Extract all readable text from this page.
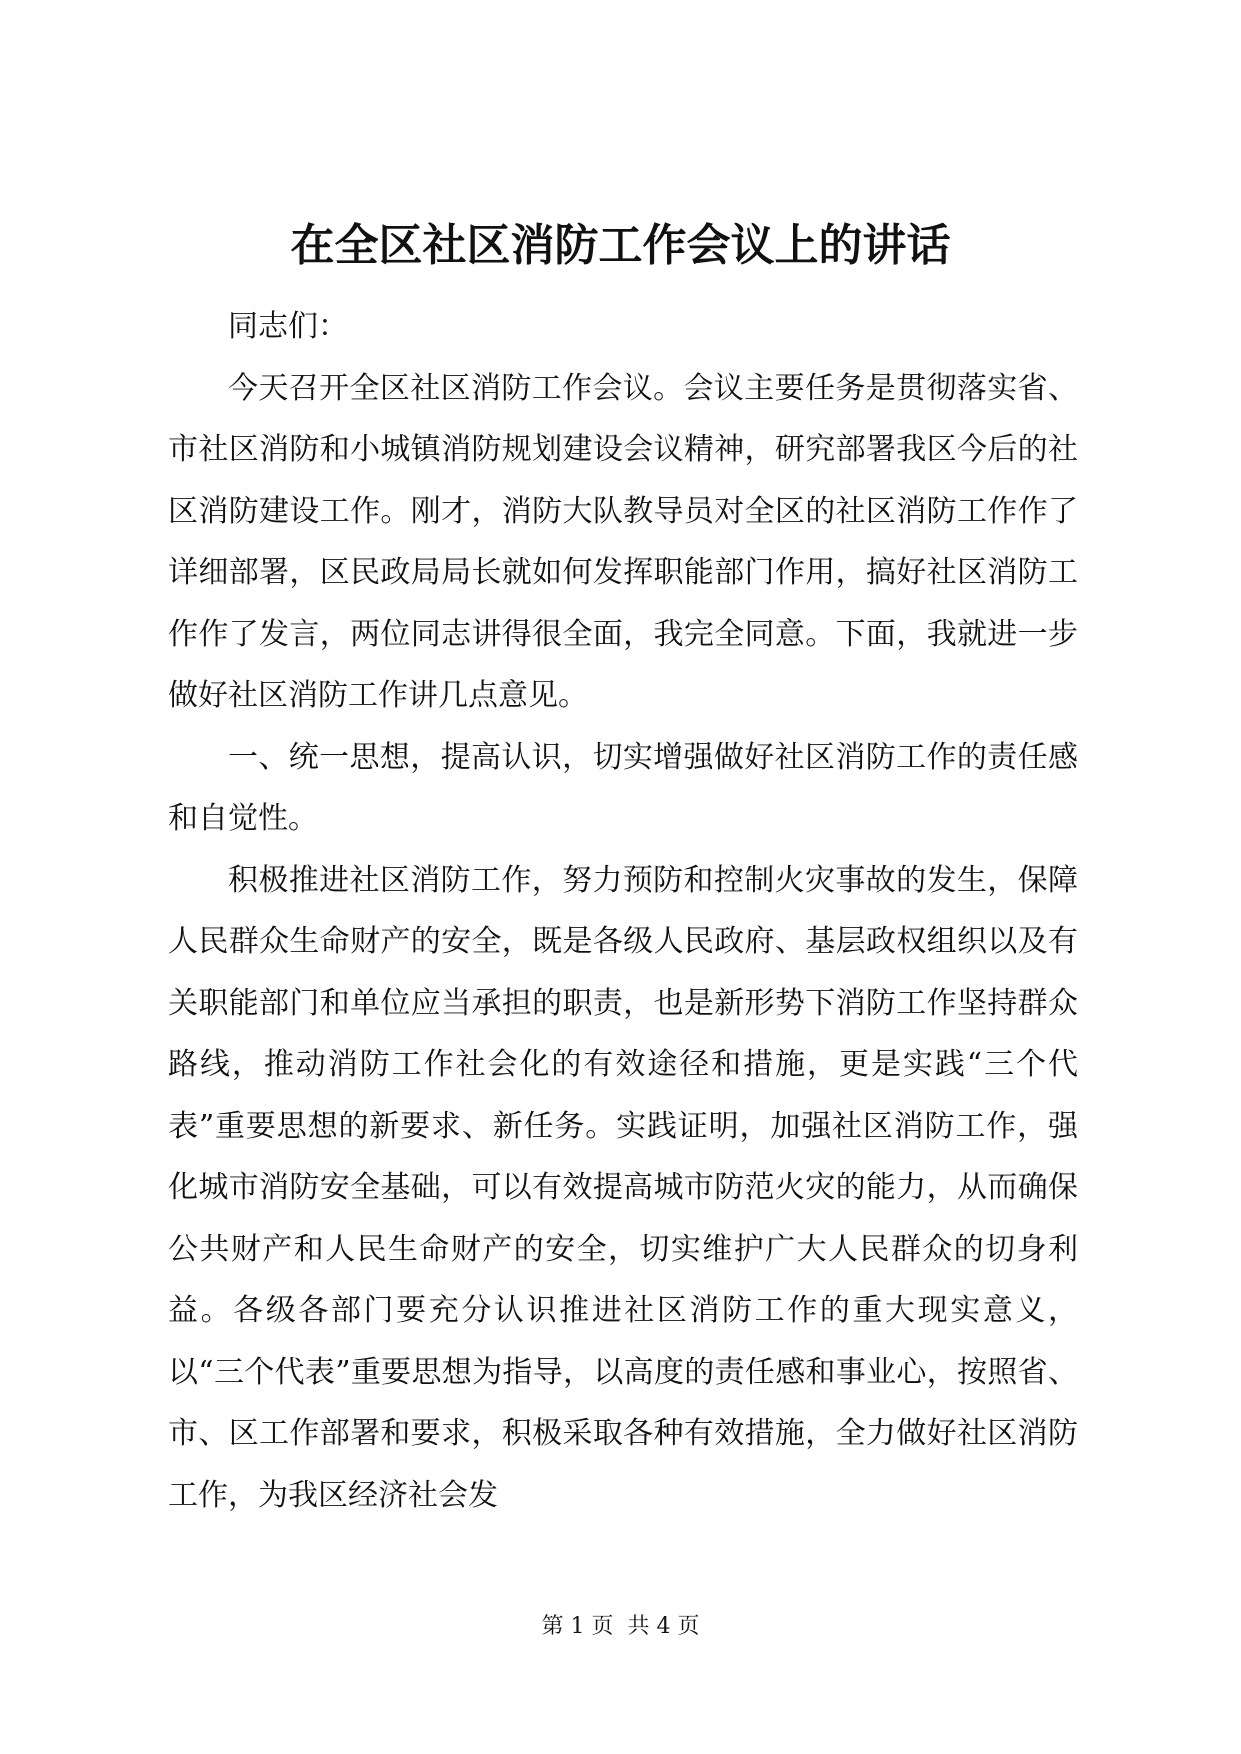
在全区社区消防工作会议上的讲话

同志们：

今天召开全区社区消防工作会议。会议主要任务是贯彻落实省、市社区消防和小城镇消防规划建设会议精神，研究部署我区今后的社区消防建设工作。刚才，消防大队教导员对全区的社区消防工作作了详细部署，区民政局局长就如何发挥职能部门作用，搞好社区消防工作作了发言，两位同志讲得很全面，我完全同意。下面，我就进一步做好社区消防工作讲几点意见。

一、统一思想，提高认识，切实增强做好社区消防工作的责任感和自觉性。

积极推进社区消防工作，努力预防和控制火灾事故的发生，保障人民群众生命财产的安全，既是各级人民政府、基层政权组织以及有关职能部门和单位应当承担的职责，也是新形势下消防工作坚持群众路线，推动消防工作社会化的有效途径和措施，更是实践“三个代表”重要思想的新要求、新任务。实践证明，加强社区消防工作，强化城市消防安全基础，可以有效提高城市防范火灾的能力，从而确保公共财产和人民生命财产的安全，切实维护广大人民群众的切身利益。各级各部门要充分认识推进社区消防工作的重大现实意义，以“三个代表”重要思想为指导，以高度的责任感和事业心，按照省、市、区工作部署和要求，积极采取各种有效措施，全力做好社区消防工作，为我区经济社会发

第 1 页  共 4 页
